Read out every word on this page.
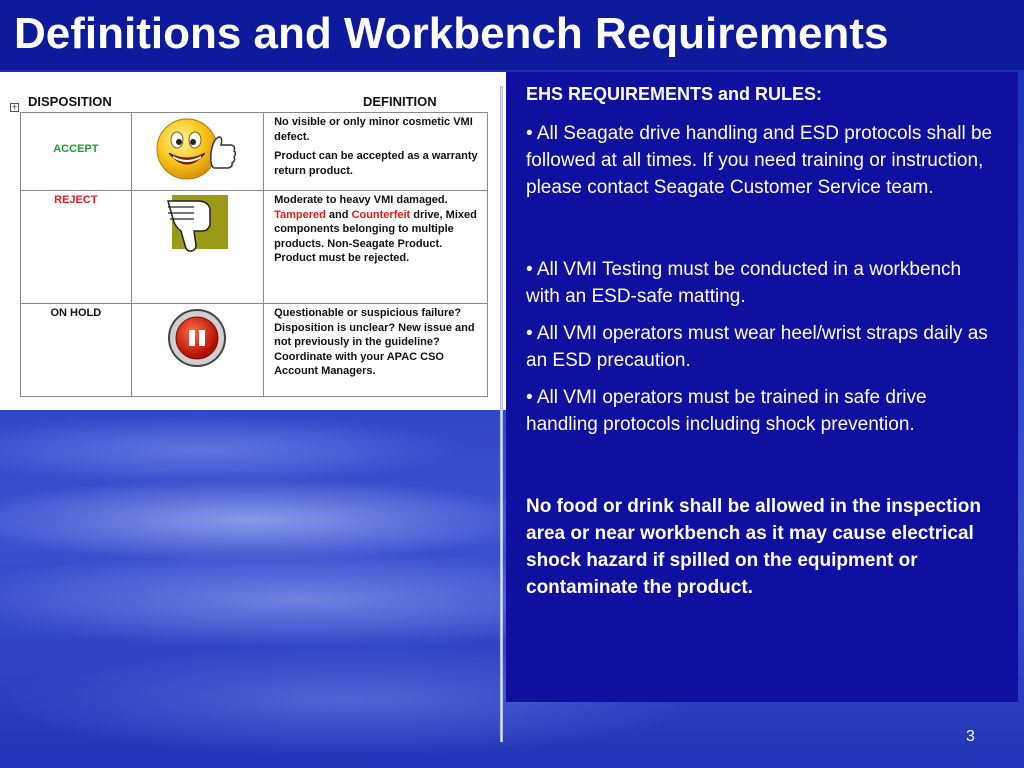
Definitions and Workbench Requirements
+ DISPOSITION	DEFINITION
ACCEPT		No visible or only minor cosmetic VMI defect.
Product can be accepted as a warranty return product.

REJECT		Moderate to heavy VMI damaged. Tampered and Counterfeit drive, Mixed components belonging to multiple products. Non-Seagate Product.
Product must be rejected.

ON HOLD		Questionable or suspicious failure? Disposition is unclear? New issue and not previously in the guideline?
Coordinate with your APAC CSO Account Managers.

EHS REQUIREMENTS and RULES:

• All Seagate drive handling and ESD protocols shall be followed at all times. If you need training or instruction, please contact Seagate Customer Service team.

• All VMI Testing must be conducted in a workbench with an ESD-safe matting.

• All VMI operators must wear heel/wrist straps daily as an ESD precaution.

• All VMI operators must be trained in safe drive handling protocols including shock prevention.

No food or drink shall be allowed in the inspection area or near workbench as it may cause electrical shock hazard if spilled on the equipment or contaminate the product.

3
